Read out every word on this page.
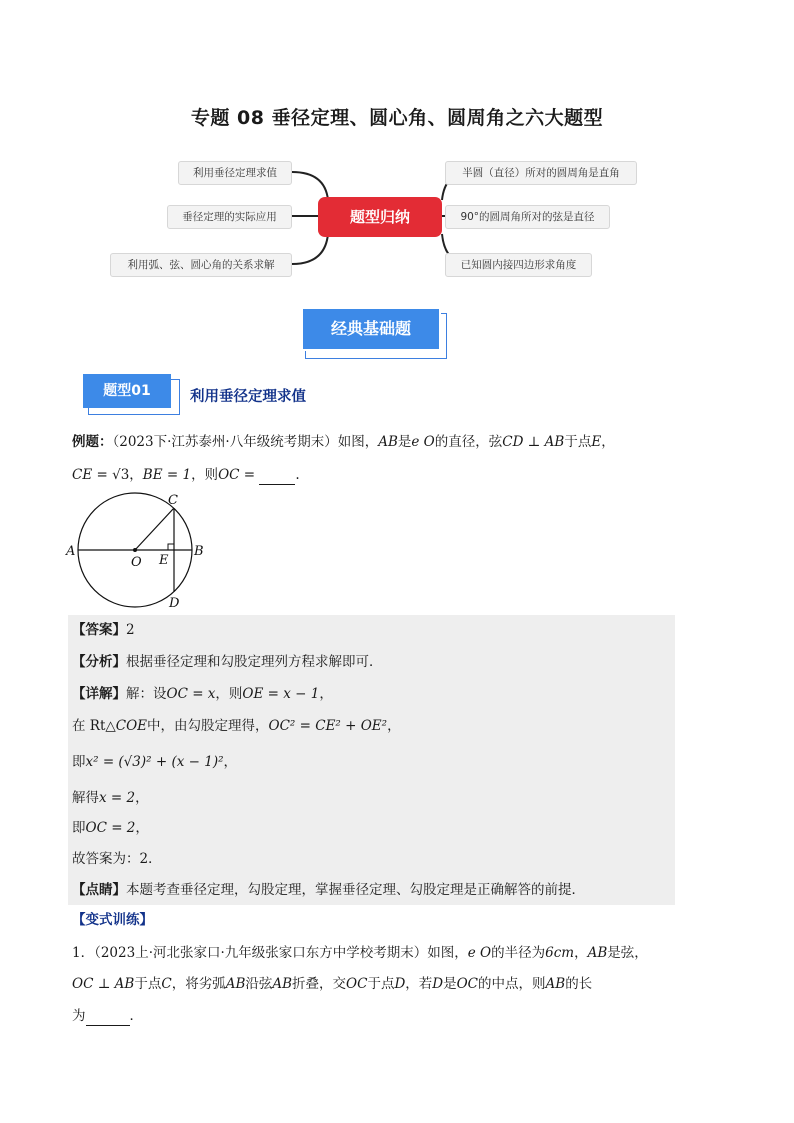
专题 08 垂径定理、圆心角、圆周角之六大题型
利用垂径定理求值
垂径定理的实际应用
利用弧、弦、圆心角的关系求解
题型归纳
半圆（直径）所对的圆周角是直角
90°的圆周角所对的弦是直径
已知圆内接四边形求角度
经典基础题
题型01	利用垂径定理求值
例题：（2023下·江苏泰州·八年级统考期末）如图，AB是e O的直径，弦CD ⊥ AB于点E，
CE = √3，BE = 1，则OC =	.
A	B
C
D
E
O
【答案】2
【分析】根据垂径定理和勾股定理列方程求解即可．
【详解】解：设OC = x，则OE = x − 1，
在 Rt△COE中，由勾股定理得，OC² = CE² + OE²，
即x² = (√3)² + (x − 1)²，
解得x = 2，
即OC = 2，
故答案为：2．
【点睛】本题考查垂径定理，勾股定理，掌握垂径定理、勾股定理是正确解答的前提．
【变式训练】
1．（2023上·河北张家口·九年级张家口东方中学校考期末）如图，e O的半径为6cm，AB是弦，
OC ⊥ AB于点C，将劣弧AB沿弦AB折叠，交OC于点D，若D是OC的中点，则AB的长
为	．
